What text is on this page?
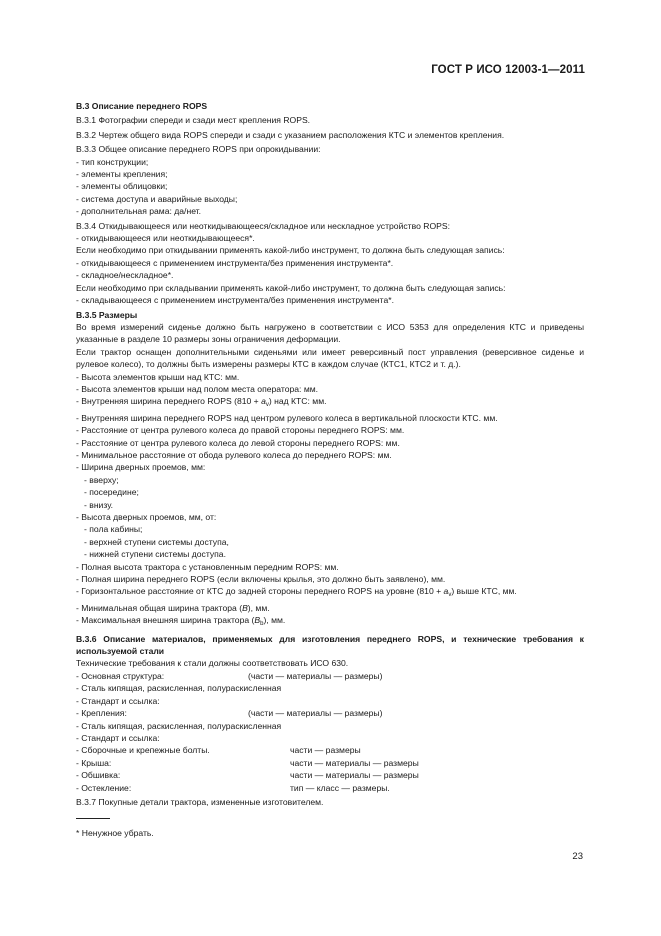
ГОСТ Р ИСО 12003-1—2011

В.3 Описание переднего ROPS

В.3.1 Фотографии спереди и сзади мест крепления ROPS.

В.3.2 Чертеж общего вида ROPS спереди и сзади с указанием расположения КТС и элементов крепления.

В.3.3 Общее описание переднего ROPS при опрокидывании:

- тип конструкции;

- элементы крепления;

- элементы облицовки;

- система доступа и аварийные выходы;

- дополнительная рама: да/нет.

В.3.4 Откидывающееся или неоткидывающееся/складное или нескладное устройство ROPS:

- откидывающееся или неоткидывающееся*.

Если необходимо при откидывании применять какой-либо инструмент, то должна быть следующая запись:

- откидывающееся с применением инструмента/без применения инструмента*.

- складное/нескладное*.

Если необходимо при складывании применять какой-либо инструмент, то должна быть следующая запись:

- складывающееся с применением инструмента/без применения инструмента*.

В.3.5 Размеры

Во время измерений сиденье должно быть нагружено в соответствии с ИСО 5353 для определения КТС и приведены указанные в разделе 10 размеры зоны ограничения деформации.

Если трактор оснащен дополнительными сиденьями или имеет реверсивный пост управления (реверсивное сиденье и рулевое колесо), то должны быть измерены размеры КТС в каждом случае (КТС1, КТС2 и т. д.).

- Высота элементов крыши над КТС: мм.

- Высота элементов крыши над полом места оператора: мм.

- Внутренняя ширина переднего ROPS $(810 + a_v)$ над КТС: мм.

- Внутренняя ширина переднего ROPS над центром рулевого колеса в вертикальной плоскости КТС. мм.

- Расстояние от центра рулевого колеса до правой стороны переднего ROPS: мм.

- Расстояние от центра рулевого колеса до левой стороны переднего ROPS: мм.

- Минимальное расстояние от обода рулевого колеса до переднего ROPS: мм.

- Ширина дверных проемов, мм:

- вверху;

- посередине;

- внизу.

- Высота дверных проемов, мм, от:

- пола кабины;

- верхней ступени системы доступа,

- нижней ступени системы доступа.

- Полная высота трактора с установленным передним ROPS: мм.

- Полная ширина переднего ROPS (если включены крылья, это должно быть заявлено), мм.

- Горизонтальное расстояние от КТС до задней стороны переднего ROPS на уровне $(810 + a_v)$ выше КТС, мм.

- Минимальная общая ширина трактора (B), мм.

- Максимальная внешняя ширина трактора $(B_b)$, мм.

В.3.6 Описание материалов, применяемых для изготовления переднего ROPS, и технические требования к используемой стали

Технические требования к стали должны соответствовать ИСО 630.

- Основная структура:	(части — материалы — размеры)

- Сталь кипящая, раскисленная, полураскисленная

- Стандарт и ссылка:

- Крепления:	(части — материалы — размеры)

- Сталь кипящая, раскисленная, полураскисленная

- Стандарт и ссылка:

- Сборочные и крепежные болты.	части — размеры
- Крыша:	части — материалы — размеры
- Обшивка:	части — материалы — размеры
- Остекление:	тип — класс — размеры.

В.3.7 Покупные детали трактора, измененные изготовителем.

* Ненужное убрать.
23
